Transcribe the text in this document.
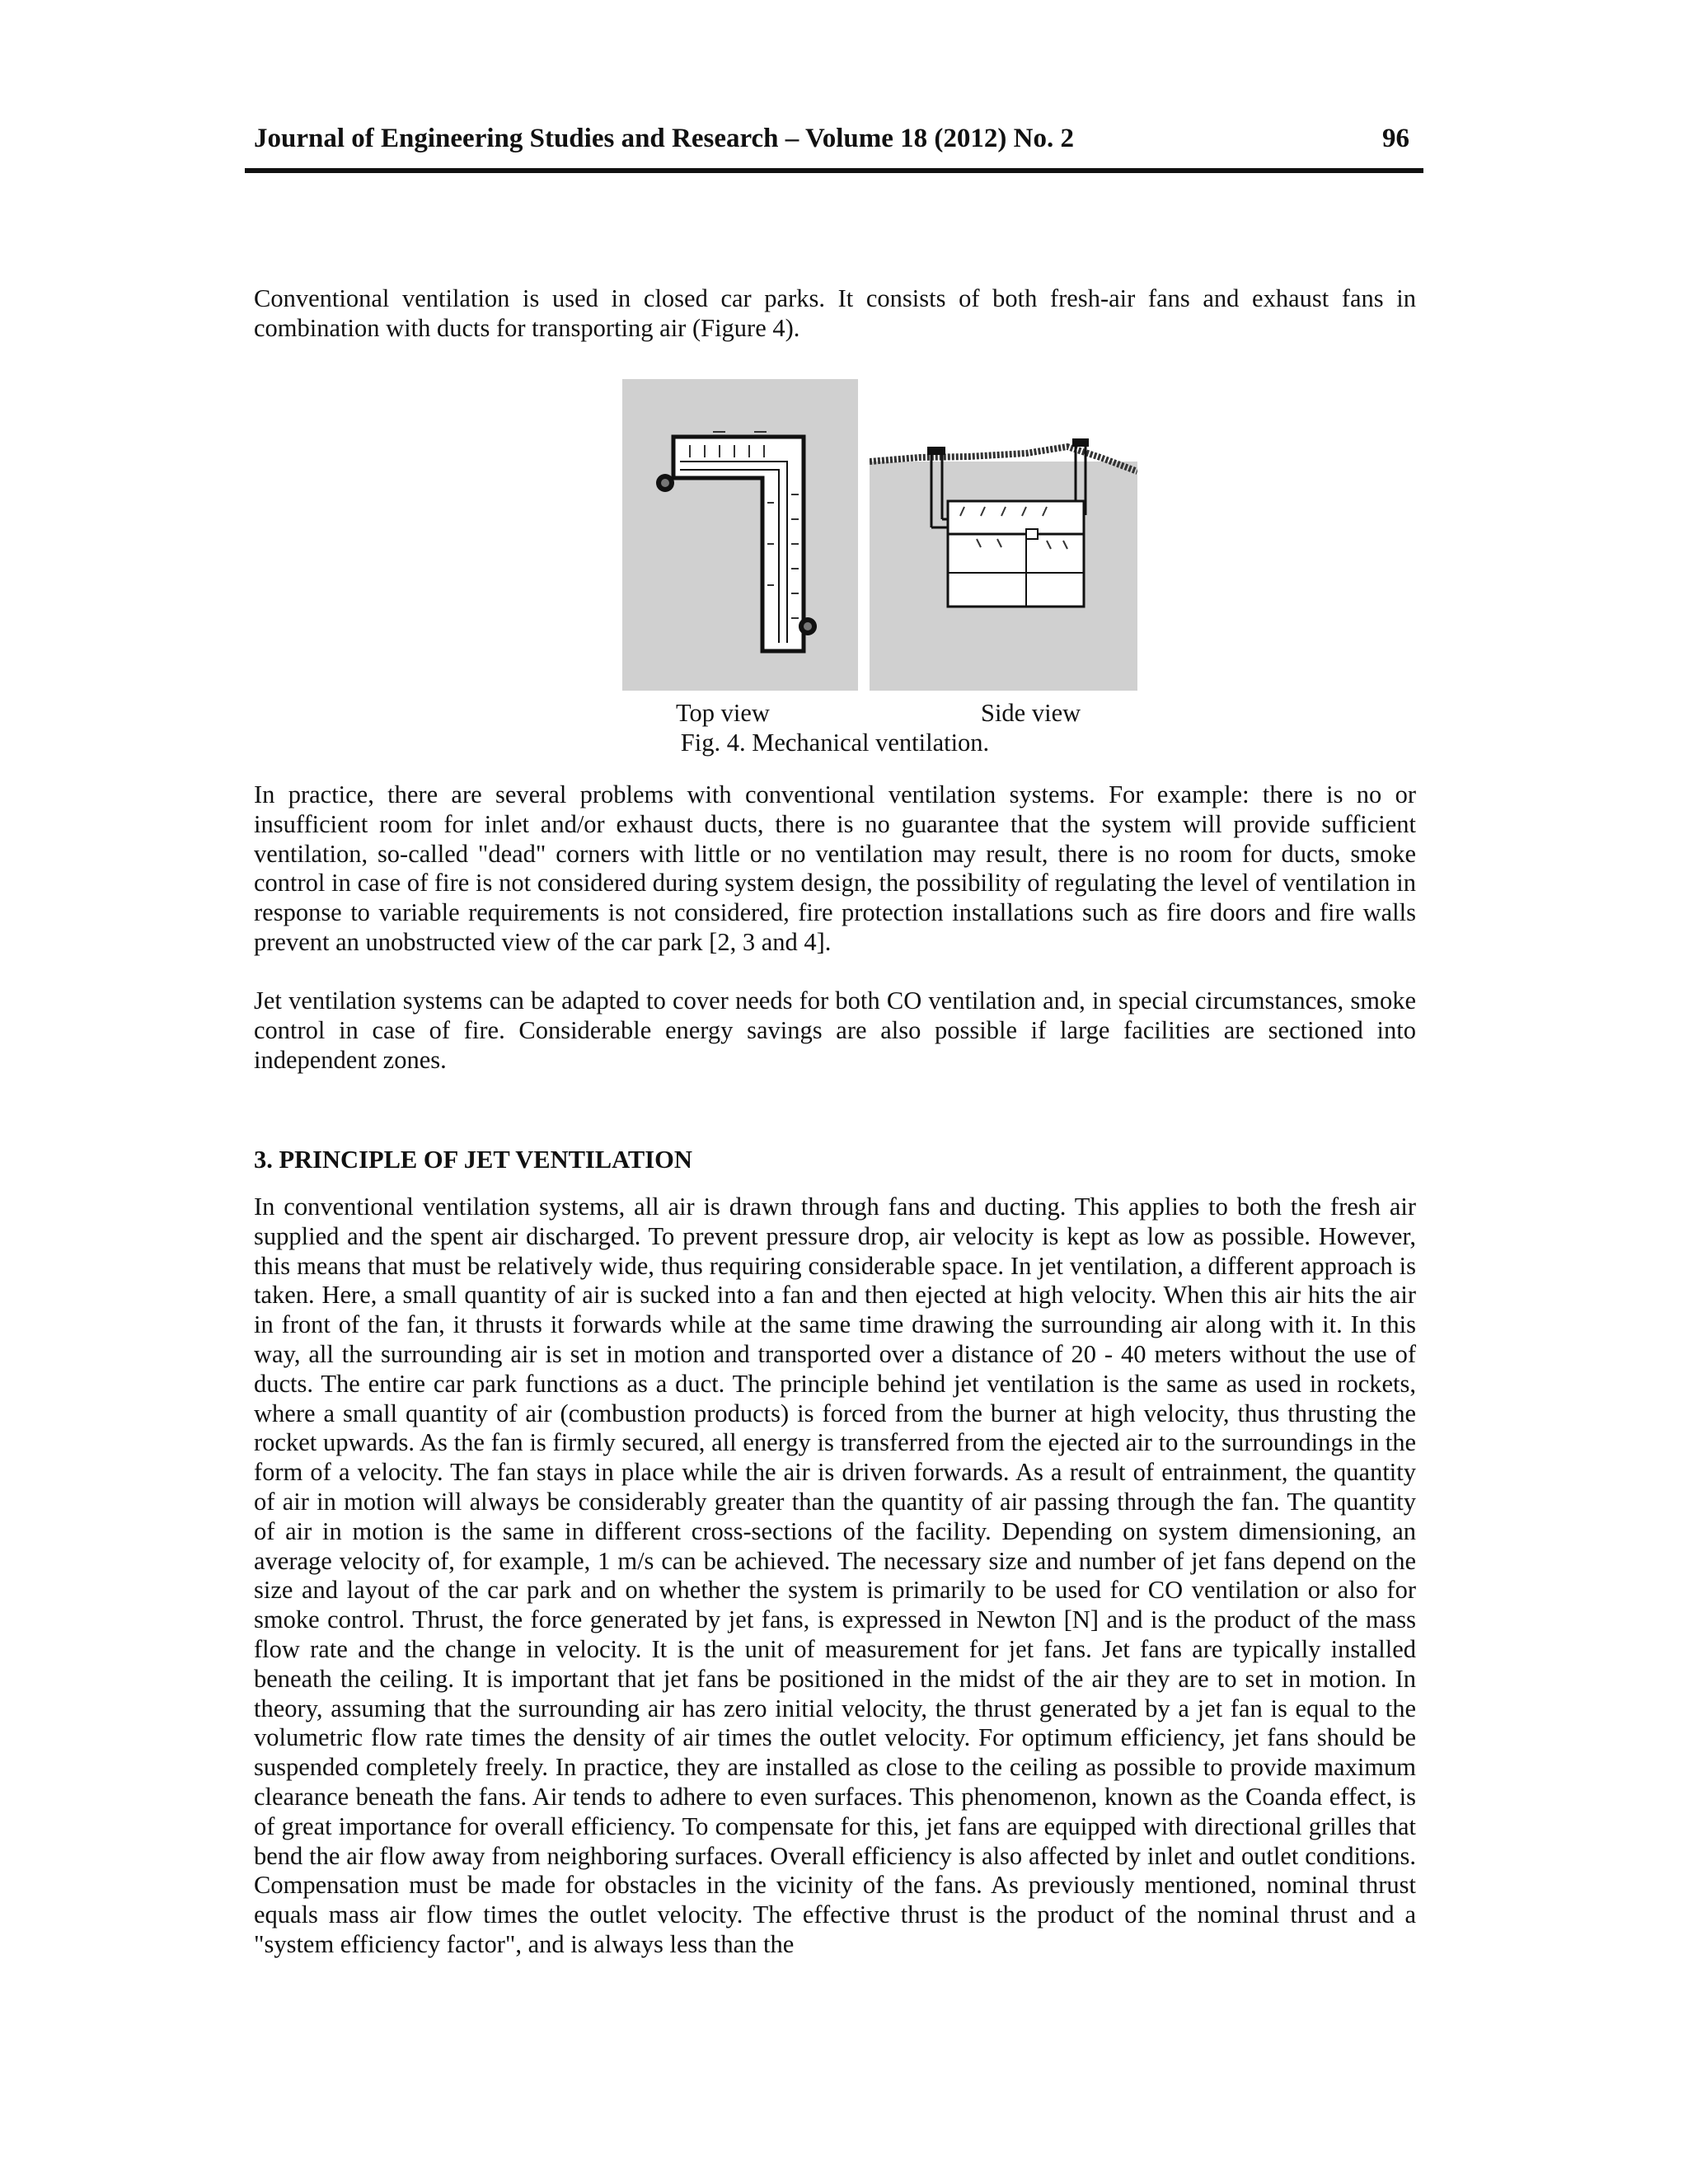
Journal of Engineering Studies and Research – Volume 18 (2012) No. 2	96

Conventional ventilation is used in closed car parks. It consists of both fresh-air fans and exhaust fans in combination with ducts for transporting air (Figure 4).

Top view	Side view
Fig. 4. Mechanical ventilation.

In practice, there are several problems with conventional ventilation systems. For example: there is no or insufficient room for inlet and/or exhaust ducts, there is no guarantee that the system will provide sufficient ventilation, so-called "dead" corners with little or no ventilation may result, there is no room for ducts, smoke control in case of fire is not considered during system design, the possibility of regulating the level of ventilation in response to variable requirements is not considered, fire protection installations such as fire doors and fire walls prevent an unobstructed view of the car park [2, 3 and 4].

Jet ventilation systems can be adapted to cover needs for both CO ventilation and, in special circumstances, smoke control in case of fire. Considerable energy savings are also possible if large facilities are sectioned into independent zones.

3. PRINCIPLE OF JET VENTILATION

In conventional ventilation systems, all air is drawn through fans and ducting. This applies to both the fresh air supplied and the spent air discharged. To prevent pressure drop, air velocity is kept as low as possible. However, this means that must be relatively wide, thus requiring considerable space. In jet ventilation, a different approach is taken. Here, a small quantity of air is sucked into a fan and then ejected at high velocity. When this air hits the air in front of the fan, it thrusts it forwards while at the same time drawing the surrounding air along with it. In this way, all the surrounding air is set in motion and transported over a distance of 20 - 40 meters without the use of ducts. The entire car park functions as a duct. The principle behind jet ventilation is the same as used in rockets, where a small quantity of air (combustion products) is forced from the burner at high velocity, thus thrusting the rocket upwards. As the fan is firmly secured, all energy is transferred from the ejected air to the surroundings in the form of a velocity. The fan stays in place while the air is driven forwards. As a result of entrainment, the quantity of air in motion will always be considerably greater than the quantity of air passing through the fan. The quantity of air in motion is the same in different cross-sections of the facility. Depending on system dimensioning, an average velocity of, for example, 1 m/s can be achieved. The necessary size and number of jet fans depend on the size and layout of the car park and on whether the system is primarily to be used for CO ventilation or also for smoke control. Thrust, the force generated by jet fans, is expressed in Newton [N] and is the product of the mass flow rate and the change in velocity. It is the unit of measurement for jet fans. Jet fans are typically installed beneath the ceiling. It is important that jet fans be positioned in the midst of the air they are to set in motion. In theory, assuming that the surrounding air has zero initial velocity, the thrust generated by a jet fan is equal to the volumetric flow rate times the density of air times the outlet velocity. For optimum efficiency, jet fans should be suspended completely freely. In practice, they are installed as close to the ceiling as possible to provide maximum clearance beneath the fans. Air tends to adhere to even surfaces. This phenomenon, known as the Coanda effect, is of great importance for overall efficiency. To compensate for this, jet fans are equipped with directional grilles that bend the air flow away from neighboring surfaces. Overall efficiency is also affected by inlet and outlet conditions. Compensation must be made for obstacles in the vicinity of the fans. As previously mentioned, nominal thrust equals mass air flow times the outlet velocity. The effective thrust is the product of the nominal thrust and a "system efficiency factor", and is always less than the
